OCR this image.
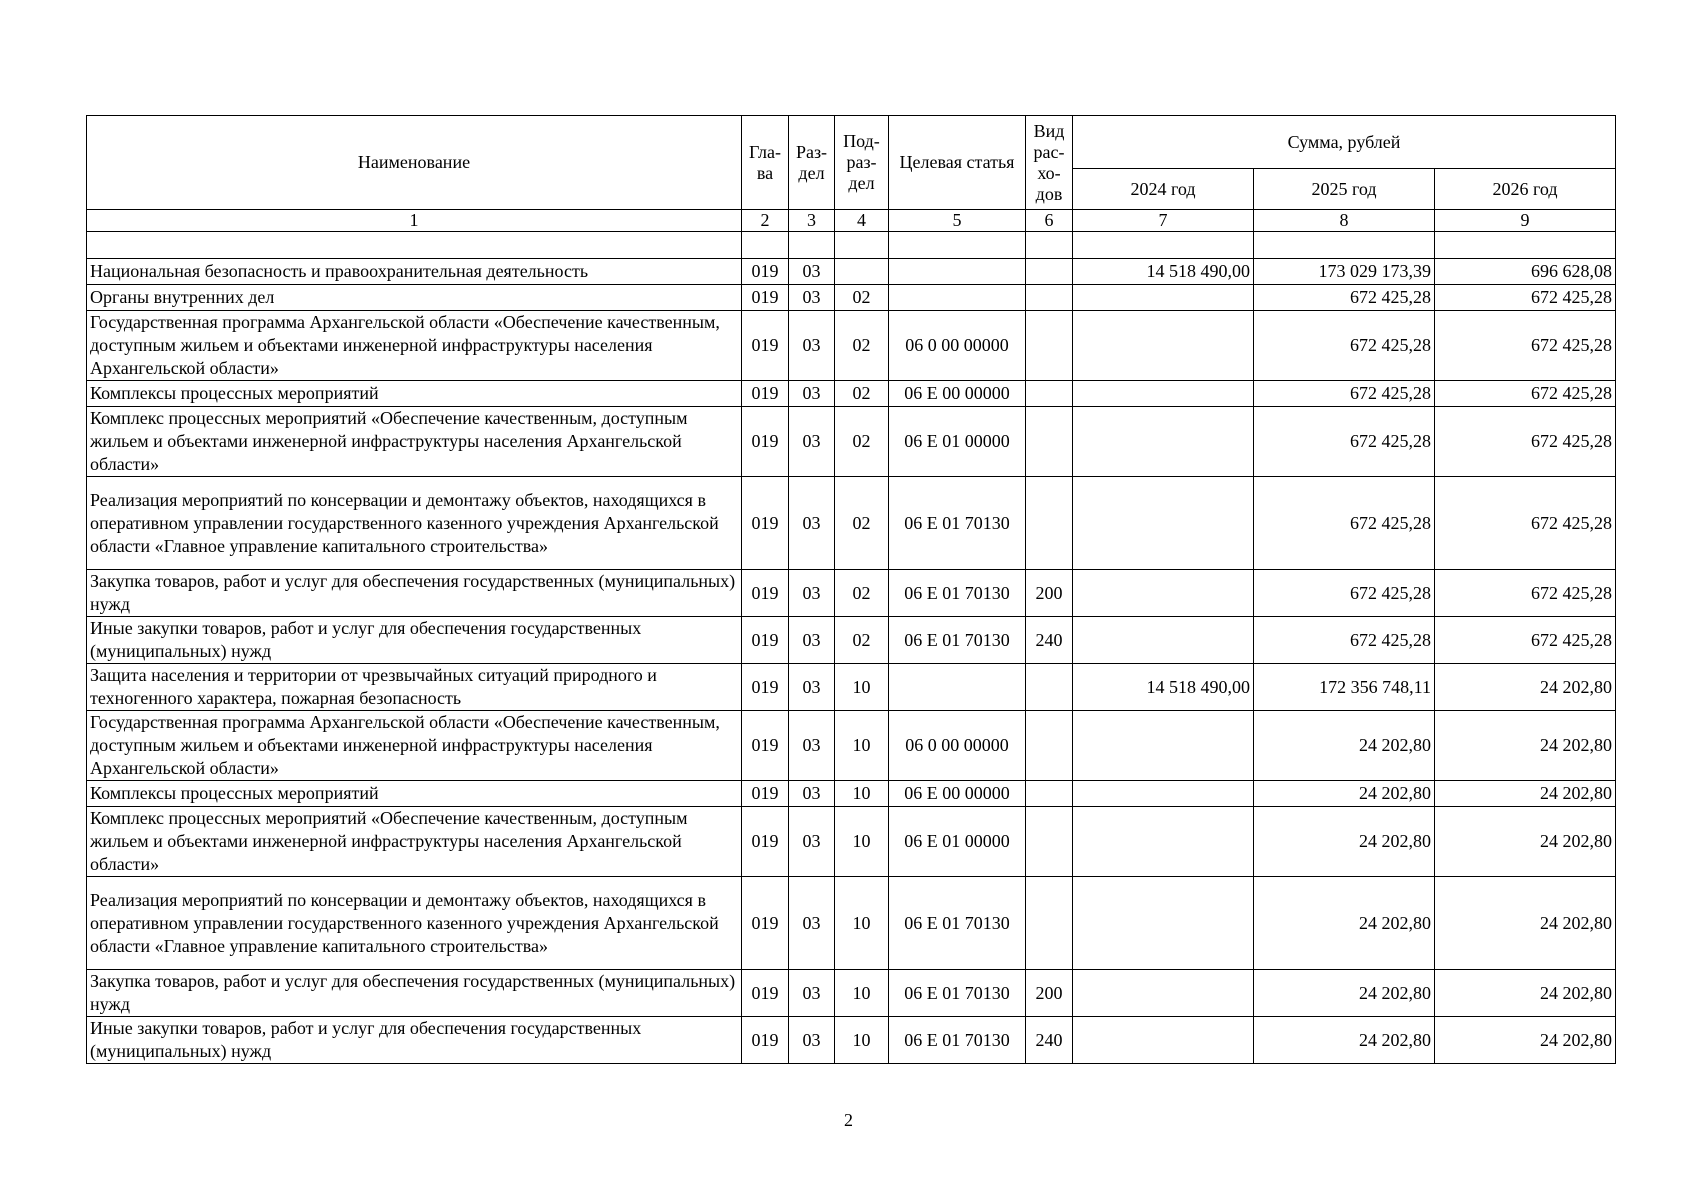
Наименование	Гла- ва	Раз- дел	Под- раз- дел	Целевая статья	Вид рас- хо- дов	Сумма, рублей		
						2024 год	2025 год	2026 год
1	2	3	4	5	6	7	8	9

Национальная безопасность и правоохранительная деятельность	019	03				14 518 490,00	173 029 173,39	696 628,08
Органы внутренних дел	019	03	02				672 425,28	672 425,28
Государственная программа Архангельской области «Обеспечение качественным, доступным жильем и объектами инженерной инфраструктуры населения Архангельской области»	019	03	02	06 0 00 00000			672 425,28	672 425,28
Комплексы процессных мероприятий	019	03	02	06 Е 00 00000			672 425,28	672 425,28
Комплекс процессных мероприятий «Обеспечение качественным, доступным жильем и объектами инженерной инфраструктуры населения Архангельской области»	019	03	02	06 Е 01 00000			672 425,28	672 425,28
Реализация мероприятий по консервации и демонтажу объектов, находящихся в оперативном управлении государственного казенного учреждения Архангельской области «Главное управление капитального строительства»	019	03	02	06 Е 01 70130			672 425,28	672 425,28
Закупка товаров, работ и услуг для обеспечения государственных (муниципальных) нужд	019	03	02	06 Е 01 70130	200		672 425,28	672 425,28
Иные закупки товаров, работ и услуг для обеспечения государственных (муниципальных) нужд	019	03	02	06 Е 01 70130	240		672 425,28	672 425,28
Защита населения и территории от чрезвычайных ситуаций природного и техногенного характера, пожарная безопасность	019	03	10			14 518 490,00	172 356 748,11	24 202,80
Государственная программа Архангельской области «Обеспечение качественным, доступным жильем и объектами инженерной инфраструктуры населения Архангельской области»	019	03	10	06 0 00 00000			24 202,80	24 202,80
Комплексы процессных мероприятий	019	03	10	06 Е 00 00000			24 202,80	24 202,80
Комплекс процессных мероприятий «Обеспечение качественным, доступным жильем и объектами инженерной инфраструктуры населения Архангельской области»	019	03	10	06 Е 01 00000			24 202,80	24 202,80
Реализация мероприятий по консервации и демонтажу объектов, находящихся в оперативном управлении государственного казенного учреждения Архангельской области «Главное управление капитального строительства»	019	03	10	06 Е 01 70130			24 202,80	24 202,80
Закупка товаров, работ и услуг для обеспечения государственных (муниципальных) нужд	019	03	10	06 Е 01 70130	200		24 202,80	24 202,80
Иные закупки товаров, работ и услуг для обеспечения государственных (муниципальных) нужд	019	03	10	06 Е 01 70130	240		24 202,80	24 202,80
2
